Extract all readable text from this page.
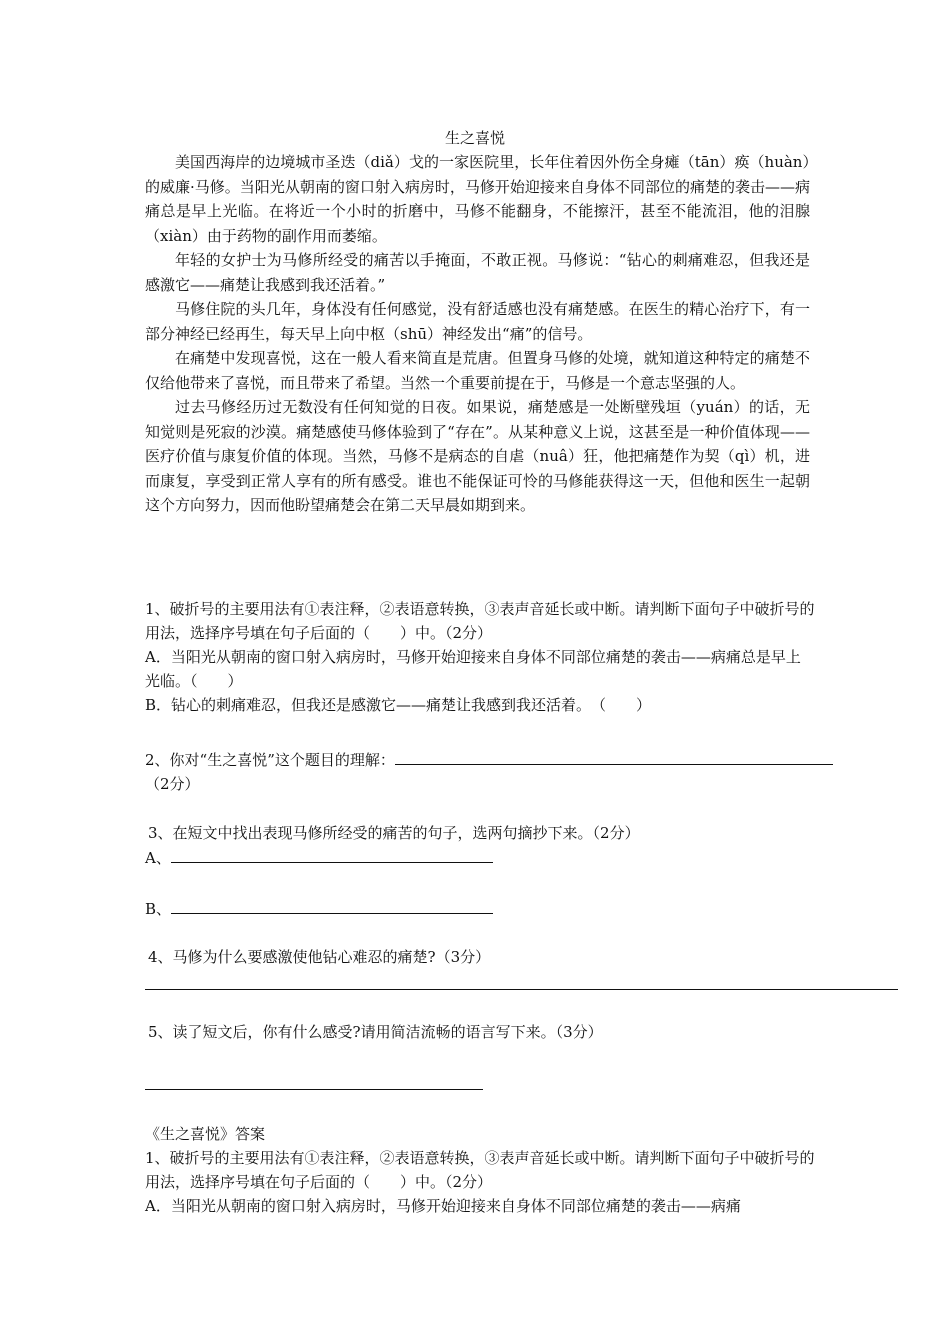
生之喜悦

美国西海岸的边境城市圣迭（diǎ）戈的一家医院里，长年住着因外伤全身瘫（tān）痪（huàn）的威廉·马修。当阳光从朝南的窗口射入病房时，马修开始迎接来自身体不同部位的痛楚的袭击——病痛总是早上光临。在将近一个小时的折磨中，马修不能翻身，不能擦汗，甚至不能流泪，他的泪腺（xiàn）由于药物的副作用而萎缩。

年轻的女护士为马修所经受的痛苦以手掩面，不敢正视。马修说：“钻心的刺痛难忍，但我还是感激它——痛楚让我感到我还活着。”

马修住院的头几年，身体没有任何感觉，没有舒适感也没有痛楚感。在医生的精心治疗下，有一部分神经已经再生，每天早上向中枢（shū）神经发出“痛”的信号。

在痛楚中发现喜悦，这在一般人看来简直是荒唐。但置身马修的处境，就知道这种特定的痛楚不仅给他带来了喜悦，而且带来了希望。当然一个重要前提在于，马修是一个意志坚强的人。

过去马修经历过无数没有任何知觉的日夜。如果说，痛楚感是一处断壁残垣（yuán）的话，无知觉则是死寂的沙漠。痛楚感使马修体验到了“存在”。从某种意义上说，这甚至是一种价值体现——医疗价值与康复价值的体现。当然，马修不是病态的自虐（nuâ）狂，他把痛楚作为契（qì）机，进而康复，享受到正常人享有的所有感受。谁也不能保证可怜的马修能获得这一天，但他和医生一起朝这个方向努力，因而他盼望痛楚会在第二天早晨如期到来。

1、破折号的主要用法有①表注释，②表语意转换，③表声音延长或中断。请判断下面句子中破折号的用法，选择序号填在句子后面的（　　）中。（2分）

A．当阳光从朝南的窗口射入病房时，马修开始迎接来自身体不同部位痛楚的袭击——病痛总是早上光临。（　　）

B．钻心的刺痛难忍，但我还是感激它——痛楚让我感到我还活着。　（　　）

2、你对“生之喜悦”这个题目的理解：

（2分）

3、在短文中找出表现马修所经受的痛苦的句子，选两句摘抄下来。（2分）

A、

B、

4、马修为什么要感激使他钻心难忍的痛楚?（3分）

5、读了短文后，你有什么感受?请用简洁流畅的语言写下来。（3分）

《生之喜悦》答案

1、破折号的主要用法有①表注释，②表语意转换，③表声音延长或中断。请判断下面句子中破折号的用法，选择序号填在句子后面的（　　）中。（2分）

A．当阳光从朝南的窗口射入病房时，马修开始迎接来自身体不同部位痛楚的袭击——病痛
